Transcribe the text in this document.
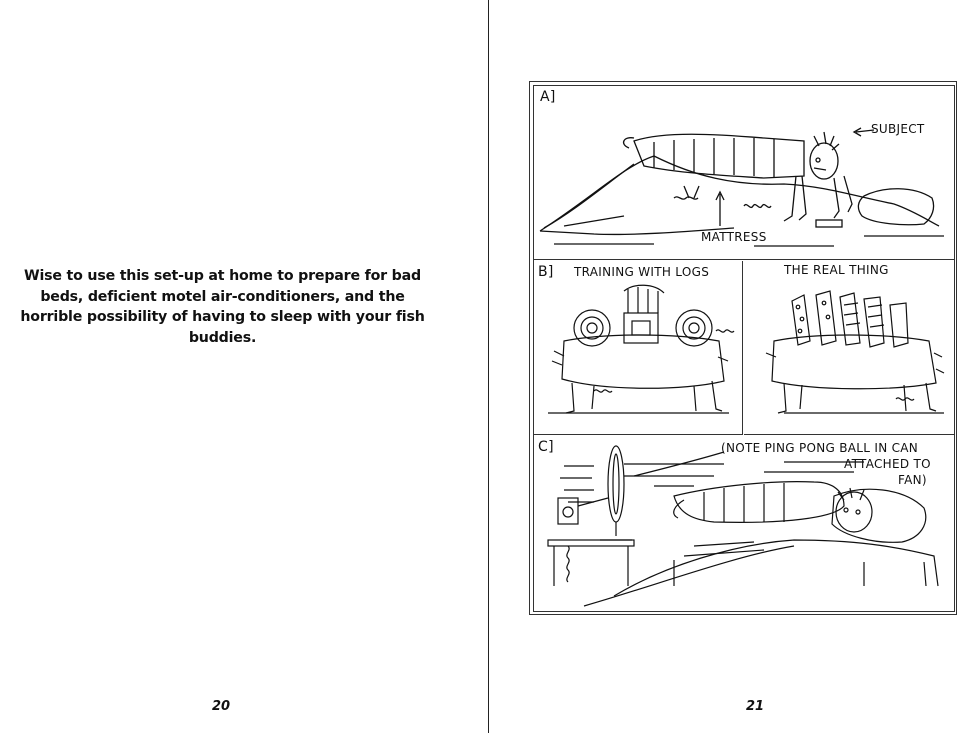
Wise to use this set-up at home to prepare for bad beds, deficient motel air-conditioners, and the horrible possibility of having to sleep with your fish buddies.
20	21
A]
SUBJECT
MATTRESS
B] TRAINING WITH LOGS	THE REAL THING
C]	(NOTE PING PONG BALL IN CAN
ATTACHED TO
FAN)
